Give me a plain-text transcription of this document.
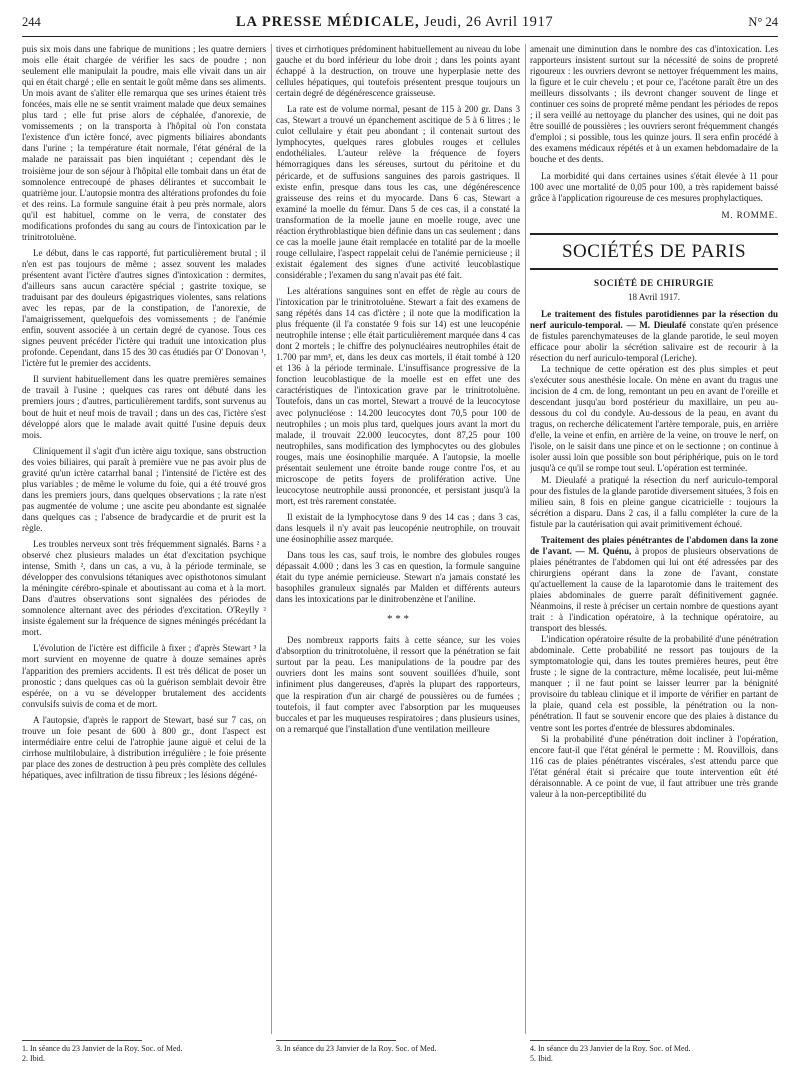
244	LA PRESSE MÉDICALE, Jeudi, 26 Avril 1917	N° 24

puis six mois dans une fabrique de munitions ; les quatre derniers mois elle était chargée de vérifier les sacs de poudre ; non seulement elle manipulait la poudre, mais elle vivait dans un air qui en était chargé ; elle en sentait le goût même dans ses aliments. Un mois avant de s'aliter elle remarqua que ses urines étaient très foncées, mais elle ne se sentit vraiment malade que deux semaines plus tard ; elle fut prise alors de céphalée, d'anorexie, de vomissements ; on la transporta à l'hôpital où l'on constata l'existence d'un ictère foncé, avec pigments biliaires abondants dans l'urine ; la température était normale, l'état général de la malade ne paraissait pas bien inquiétant ; cependant dès le troisième jour de son séjour à l'hôpital elle tombait dans un état de somnolence entrecoupé de phases délirantes et succombait le quatrième jour. L'autopsie montra des altérations profondes du foie et des reins. La formule sanguine était à peu près normale, alors qu'il est habituel, comme on le verra, de constater des modifications profondes du sang au cours de l'intoxication par le trinitrotoluène.

Le début, dans le cas rapporté, fut particulièrement brutal ; il n'en est pas toujours de même ; assez souvent les malades présentent avant l'ictère d'autres signes d'intoxication : dermites, d'ailleurs sans aucun caractère spécial ; gastrite toxique, se traduisant par des douleurs épigastriques violentes, sans relations avec les repas, par de la constipation, de l'anorexie, de l'amaigrissement, quelquefois des vomissements ; de l'anémie enfin, souvent associée à un certain degré de cyanose. Tous ces signes peuvent précéder l'ictère qui traduit une intoxication plus profonde. Cependant, dans 15 des 30 cas étudiés par O' Donovan ¹, l'ictère fut le premier des accidents.

Il survient habituellement dans les quatre premières semaines de travail à l'usine ; quelques cas rares ont débuté dans les premiers jours ; d'autres, particulièrement tardifs, sont survenus au bout de huit et neuf mois de travail ; dans un des cas, l'ictère s'est développé alors que le malade avait quitté l'usine depuis deux mois.

Cliniquement il s'agit d'un ictère aigu toxique, sans obstruction des voies biliaires, qui paraît à première vue ne pas avoir plus de gravité qu'un ictère catarrhal banal ; l'intensité de l'ictère est des plus variables ; de même le volume du foie, qui a été trouvé gros dans les premiers jours, dans quelques observations ; la rate n'est pas augmentée de volume ; une ascite peu abondante est signalée dans quelques cas ; l'absence de bradycardie et de prurit est la règle.

Les troubles nerveux sont très fréquemment signalés. Barns ² a observé chez plusieurs malades un état d'excitation psychique intense, Smith ², dans un cas, a vu, à la période terminale, se développer des convulsions tétaniques avec opisthotonos simulant la méningite cérébro-spinale et aboutissant au coma et à la mort. Dans d'autres observations sont signalées des périodes de somnolence alternant avec des périodes d'excitation. O'Reylly ² insiste également sur la fréquence de signes méningés précédant la mort.

L'évolution de l'ictère est difficile à fixer ; d'après Stewart ³ la mort survient en moyenne de quatre à douze semaines après l'apparition des premiers accidents. Il est très délicat de poser un pronostic ; dans quelques cas où la guérison semblait devoir être espérée, on a vu se développer brutalement des accidents convulsifs suivis de coma et de mort.

A l'autopsie, d'après le rapport de Stewart, basé sur 7 cas, on trouve un foie pesant de 600 à 800 gr., dont l'aspect est intermédiaire entre celui de l'atrophie jaune aiguë et celui de la cirrhose multilobulaire, à distribution irrégulière ; le foie présente par place des zones de destruction à peu près complète des cellules hépatiques, avec infiltration de tissu fibreux ; les lésions dégéné-

tives et cirrhotiques prédominent habituellement au niveau du lobe gauche et du bord inférieur du lobe droit ; dans les points ayant échappé à la destruction, on trouve une hyperplasie nette des cellules hépatiques, qui toutefois présentent presque toujours un certain degré de dégénérescence graisseuse.

La rate est de volume normal, pesant de 115 à 200 gr. Dans 3 cas, Stewart a trouvé un épanchement ascitique de 5 à 6 litres ; le culot cellulaire y était peu abondant ; il contenait surtout des lymphocytes, quelques rares globules rouges et cellules endothéliales. L'auteur relève la fréquence de foyers hémorragiques dans les séreuses, surtout du péritoine et du péricarde, et de suffusions sanguines des parois gastriques. Il existe enfin, presque dans tous les cas, une dégénérescence graisseuse des reins et du myocarde. Dans 6 cas, Stewart a examiné la moelle du fémur. Dans 5 de ces cas, il a constaté la transformation de la moelle jaune en moelle rouge, avec une réaction érythroblastique bien définie dans un cas seulement ; dans ce cas la moelle jaune était remplacée en totalité par de la moelle rouge cellulaire, l'aspect rappelait celui de l'anémie pernicieuse ; il existait également des signes d'une activité leucoblastique considérable ; l'examen du sang n'avait pas été fait.

Les altérations sanguines sont en effet de règle au cours de l'intoxication par le trinitrotoluène. Stewart a fait des examens de sang répétés dans 14 cas d'ictère ; il note que la modification la plus fréquente (il l'a constatée 9 fois sur 14) est une leucopénie neutrophile intense ; elle était particulièrement marquée dans 4 cas dont 2 mortels ; le chiffre des polynucléaires neutrophiles était de 1.700 par mm³, et, dans les deux cas mortels, il était tombé à 120 et 136 à la période terminale. L'insuffisance progressive de la fonction leucoblastique de la moelle est en effet une des caractéristiques de l'intoxication grave par le trinitrotoluène. Toutefois, dans un cas mortel, Stewart a trouvé de la leucocytose avec polynucléose : 14.200 leucocytes dont 70,5 pour 100 de neutrophiles ; un mois plus tard, quelques jours avant la mort du malade, il trouvait 22.000 leucocytes, dont 87,25 pour 100 neutrophiles, sans modification des lymphocytes ou des globules rouges, mais une éosinophilie marquée. A l'autopsie, la moelle présentait seulement une étroite bande rouge contre l'os, et au microscope de petits foyers de prolifération active. Une leucocytose neutrophile aussi prononcée, et persistant jusqu'à la mort, est très rarement constatée.

Il existait de la lymphocytose dans 9 des 14 cas ; dans 3 cas, dans lesquels il n'y avait pas leucopénie neutrophile, on trouvait une éosinophilie assez marquée.

Dans tous les cas, sauf trois, le nombre des globules rouges dépassait 4.000 ; dans les 3 cas en question, la formule sanguine était du type anémie pernicieuse. Stewart n'a jamais constaté les basophiles granuleux signalés par Malden et différents auteurs dans les intoxications par le dinitrobenzène et l'aniline.

* * *

Des nombreux rapports faits à cette séance, sur les voies d'absorption du trinitrotoluène, il ressort que la pénétration se fait surtout par la peau. Les manipulations de la poudre par des ouvriers dont les mains sont souvent souillées d'huile, sont infiniment plus dangereuses, d'après la plupart des rapporteurs, que la respiration d'un air chargé de poussières ou de fumées ; toutefois, il faut compter avec l'absorption par les muqueuses buccales et par les muqueuses respiratoires ; dans plusieurs usines, on a remarqué que l'installation d'une ventilation meilleure

amenait une diminution dans le nombre des cas d'intoxication. Les rapporteurs insistent surtout sur la nécessité de soins de propreté rigoureux : les ouvriers devront se nettoyer fréquemment les mains, la figure et le cuir chevelu ; et pour ce, l'acétone paraît être un des meilleurs dissolvants ; ils devront changer souvent de linge et continuer ces soins de propreté même pendant les périodes de repos ; il sera veillé au nettoyage du plancher des usines, qui ne doit pas être souillé de poussières ; les ouvriers seront fréquemment changés d'emploi ; si possible, tous les quinze jours. Il sera enfin procédé à des examens médicaux répétés et à un examen hebdomadaire de la bouche et des dents.

La morbidité qui dans certaines usines s'était élevée à 11 pour 100 avec une mortalité de 0,05 pour 100, a très rapidement baissé grâce à l'application rigoureuse de ces mesures prophylactiques.

M. ROMME.
SOCIÉTÉS DE PARIS
SOCIÉTÉ DE CHIRURGIE
18 Avril 1917.

Le traitement des fistules parotidiennes par la résection du nerf auriculo-temporal. — M. Dieulafé constate qu'en présence de fistules parenchymateuses de la glande parotide, le seul moyen efficace pour abolir la sécrétion salivaire est de recourir à la résection du nerf auriculo-temporal (Leriche).

La technique de cette opération est des plus simples et peut s'exécuter sous anesthésie locale. On mène en avant du tragus une incision de 4 cm. de long, remontant un peu en avant de l'oreille et descendant jusqu'au bord postérieur du maxillaire, un peu au-dessous du col du condyle. Au-dessous de la peau, en avant du tragus, on recherche délicatement l'artère temporale, puis, en arrière d'elle, la veine et enfin, en arrière de la veine, on trouve le nerf, on l'isole, on le saisit dans une pince et on le sectionne ; on continue à isoler aussi loin que possible son bout périphérique, puis on le tord jusqu'à ce qu'il se rompe tout seul. L'opération est terminée.

M. Dieulafé a pratiqué la résection du nerf auriculo-temporal pour des fistules de la glande parotide diversement situées, 3 fois en milieu sain, 8 fois en pleine gangue cicatricielle : toujours la sécrétion a disparu. Dans 2 cas, il a fallu compléter la cure de la fistule par la cautérisation qui avait primitivement échoué.

Traitement des plaies pénétrantes de l'abdomen dans la zone de l'avant. — M. Quénu, à propos de plusieurs observations de plaies pénétrantes de l'abdomen qui lui ont été adressées par des chirurgiens opérant dans la zone de l'avant, constate qu'actuellement la cause de la laparotomie dans le traitement des plaies abdominales de guerre paraît définitivement gagnée. Néanmoins, il reste à préciser un certain nombre de questions ayant trait : à l'indication opératoire, à la technique opératoire, au transport des blessés.

L'indication opératoire résulte de la probabilité d'une pénétration abdominale. Cette probabilité ne ressort pas toujours de la symptomatologie qui, dans les toutes premières heures, peut être fruste ; le signe de la contracture, même localisée, peut lui-même manquer ; il ne faut point se laisser leurrer par la bénignité provisoire du tableau clinique et il importe de vérifier en partant de la plaie, quand cela est possible, la pénétration ou la non-pénétration. Il faut se souvenir encore que des plaies à distance du ventre sont les portes d'entrée de blessures abdominales.

Si la probabilité d'une pénétration doit incliner à l'opération, encore faut-il que l'état général le permette : M. Rouvillois, dans 116 cas de plaies pénétrantes viscérales, s'est attendu parce que l'état général était si précaire que toute intervention eût été déraisonnable. A ce point de vue, il faut attribuer une très grande valeur à la non-perceptibilité du

1. In séance du 23 Janvier de la Roy. Soc. of Med.
2. Ibid.
3. In séance du 23 Janvier de la Roy. Soc. of Med.	4. In séance du 23 Janvier de la Roy. Soc. of Med.
5. Ibid.
